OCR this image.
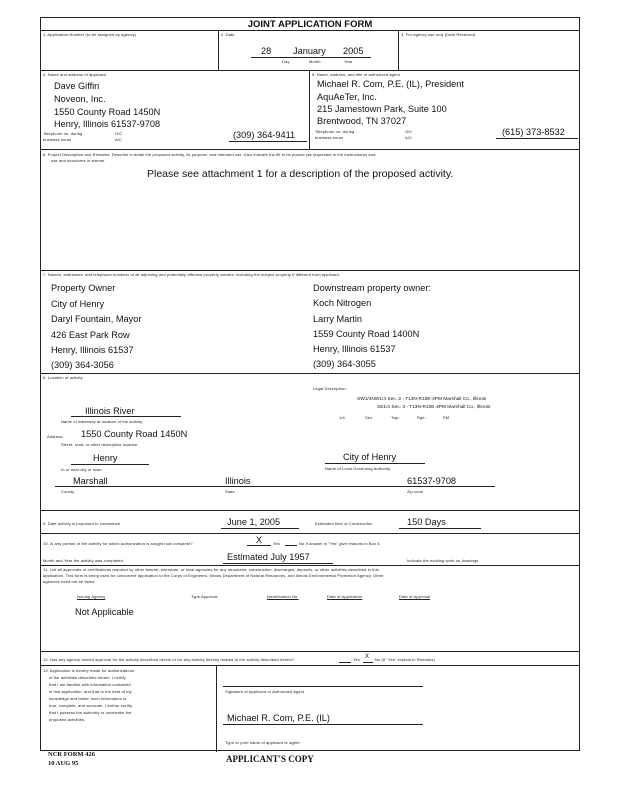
JOINT APPLICATION FORM
1. Application Number (to be assigned by agency)	2. Date
28 January 2005
Day	Month	Year
3. For agency use only (Date Received)
4. Name and address of applicant
Dave Giffin
Noveon, Inc.
1550 County Road 1450N
Henry, Illinois 61537-9708
Telephone no. during
business hours
O/C
A/C	(309) 364-9411
5. Name, address, and title of authorized agent
Michael R. Com, P.E. (IL), President
AquAeTer, Inc.
215 Jamestown Park, Suite 100
Brentwood, TN 37027
Telephone no. during
business hours
O/C
A/C
(615) 373-8532
6. Project Description and Remarks: Describe in detail the proposed activity, its purpose, and intended use. Also indicate the fill to be placed (as requested in the instructions) and
use and structures in stream.
Please see attachment 1 for a description of the proposed activity.
7. Names, addresses, and telephone numbers of all adjoining and potentially affected property owners, including the subject property if different from applicant.
Property Owner
City of Henry
Daryl Fountain, Mayor
426 East Park Row
Henry, Illinois 61537
(309) 364-3056
Downstream property owner:
Koch Nitrogen
Larry Martin
1559 County Road 1400N
Henry, Illinois 61537
(309) 364-3055
8. Location of activity
Legal Description:
SW1/4NW1/4 Sec. 2 - T13N-R10E-4PM Marshall Co., Illinois
SE1/4 Sec. 3 - T13N-R10E-4PM Marshall Co., Illinois
1/4	Sec.	Twp.	Rge.	PM
Illinois River
Name of waterway at location of the activity
Address: 1550 County Road 1450N
Street, road, or other descriptive location
Henry
In or near city or town
City of Henry
Name of Local Governing Authority
Marshall
County
Illinois
State
61537-9708
Zip code
9. Date activity is proposed to commence	June 1, 2005	Estimated time of Construction	150 Days
10. Is any portion of the activity for which authorization is sought now complete?	X	Yes	No If answer is "Yes" give reasons in Box 6.
Month and Year the activity was completed	Estimated July 1957	Indicate the existing work on drawings
11. List all approvals or certifications required by other federal, interstate, or local agencies for any structures, construction, discharges, deposits, or other activities described in this
application. This form is being used for concurrent application to the Corps of Engineers, Illinois Department of Natural Resources, and Illinois Environmental Protection Agency. Other
agencies need not be listed.
Issuing Agency	Type Approval	Identification No.	Date of Application	Date of Approval
Not Applicable
12. Has any agency denied approval for the activity described herein or for any activity directly related to the activity described herein?	Yes X No (If "Yes" explain in Remarks)
13. Application is hereby made for authorizations
of the activities described herein. I certify
that I am familiar with information contained
in this application, and that to the best of my
knowledge and belief, such information is
true, complete, and accurate. I further certify
that I possess the authority to undertake the
proposed activities.
Signature of Applicant or Authorized Agent
Michael R. Com, P.E. (IL)
Type or print name of applicant or agent
NCR FORM 426
10 AUG 95	APPLICANT'S COPY
